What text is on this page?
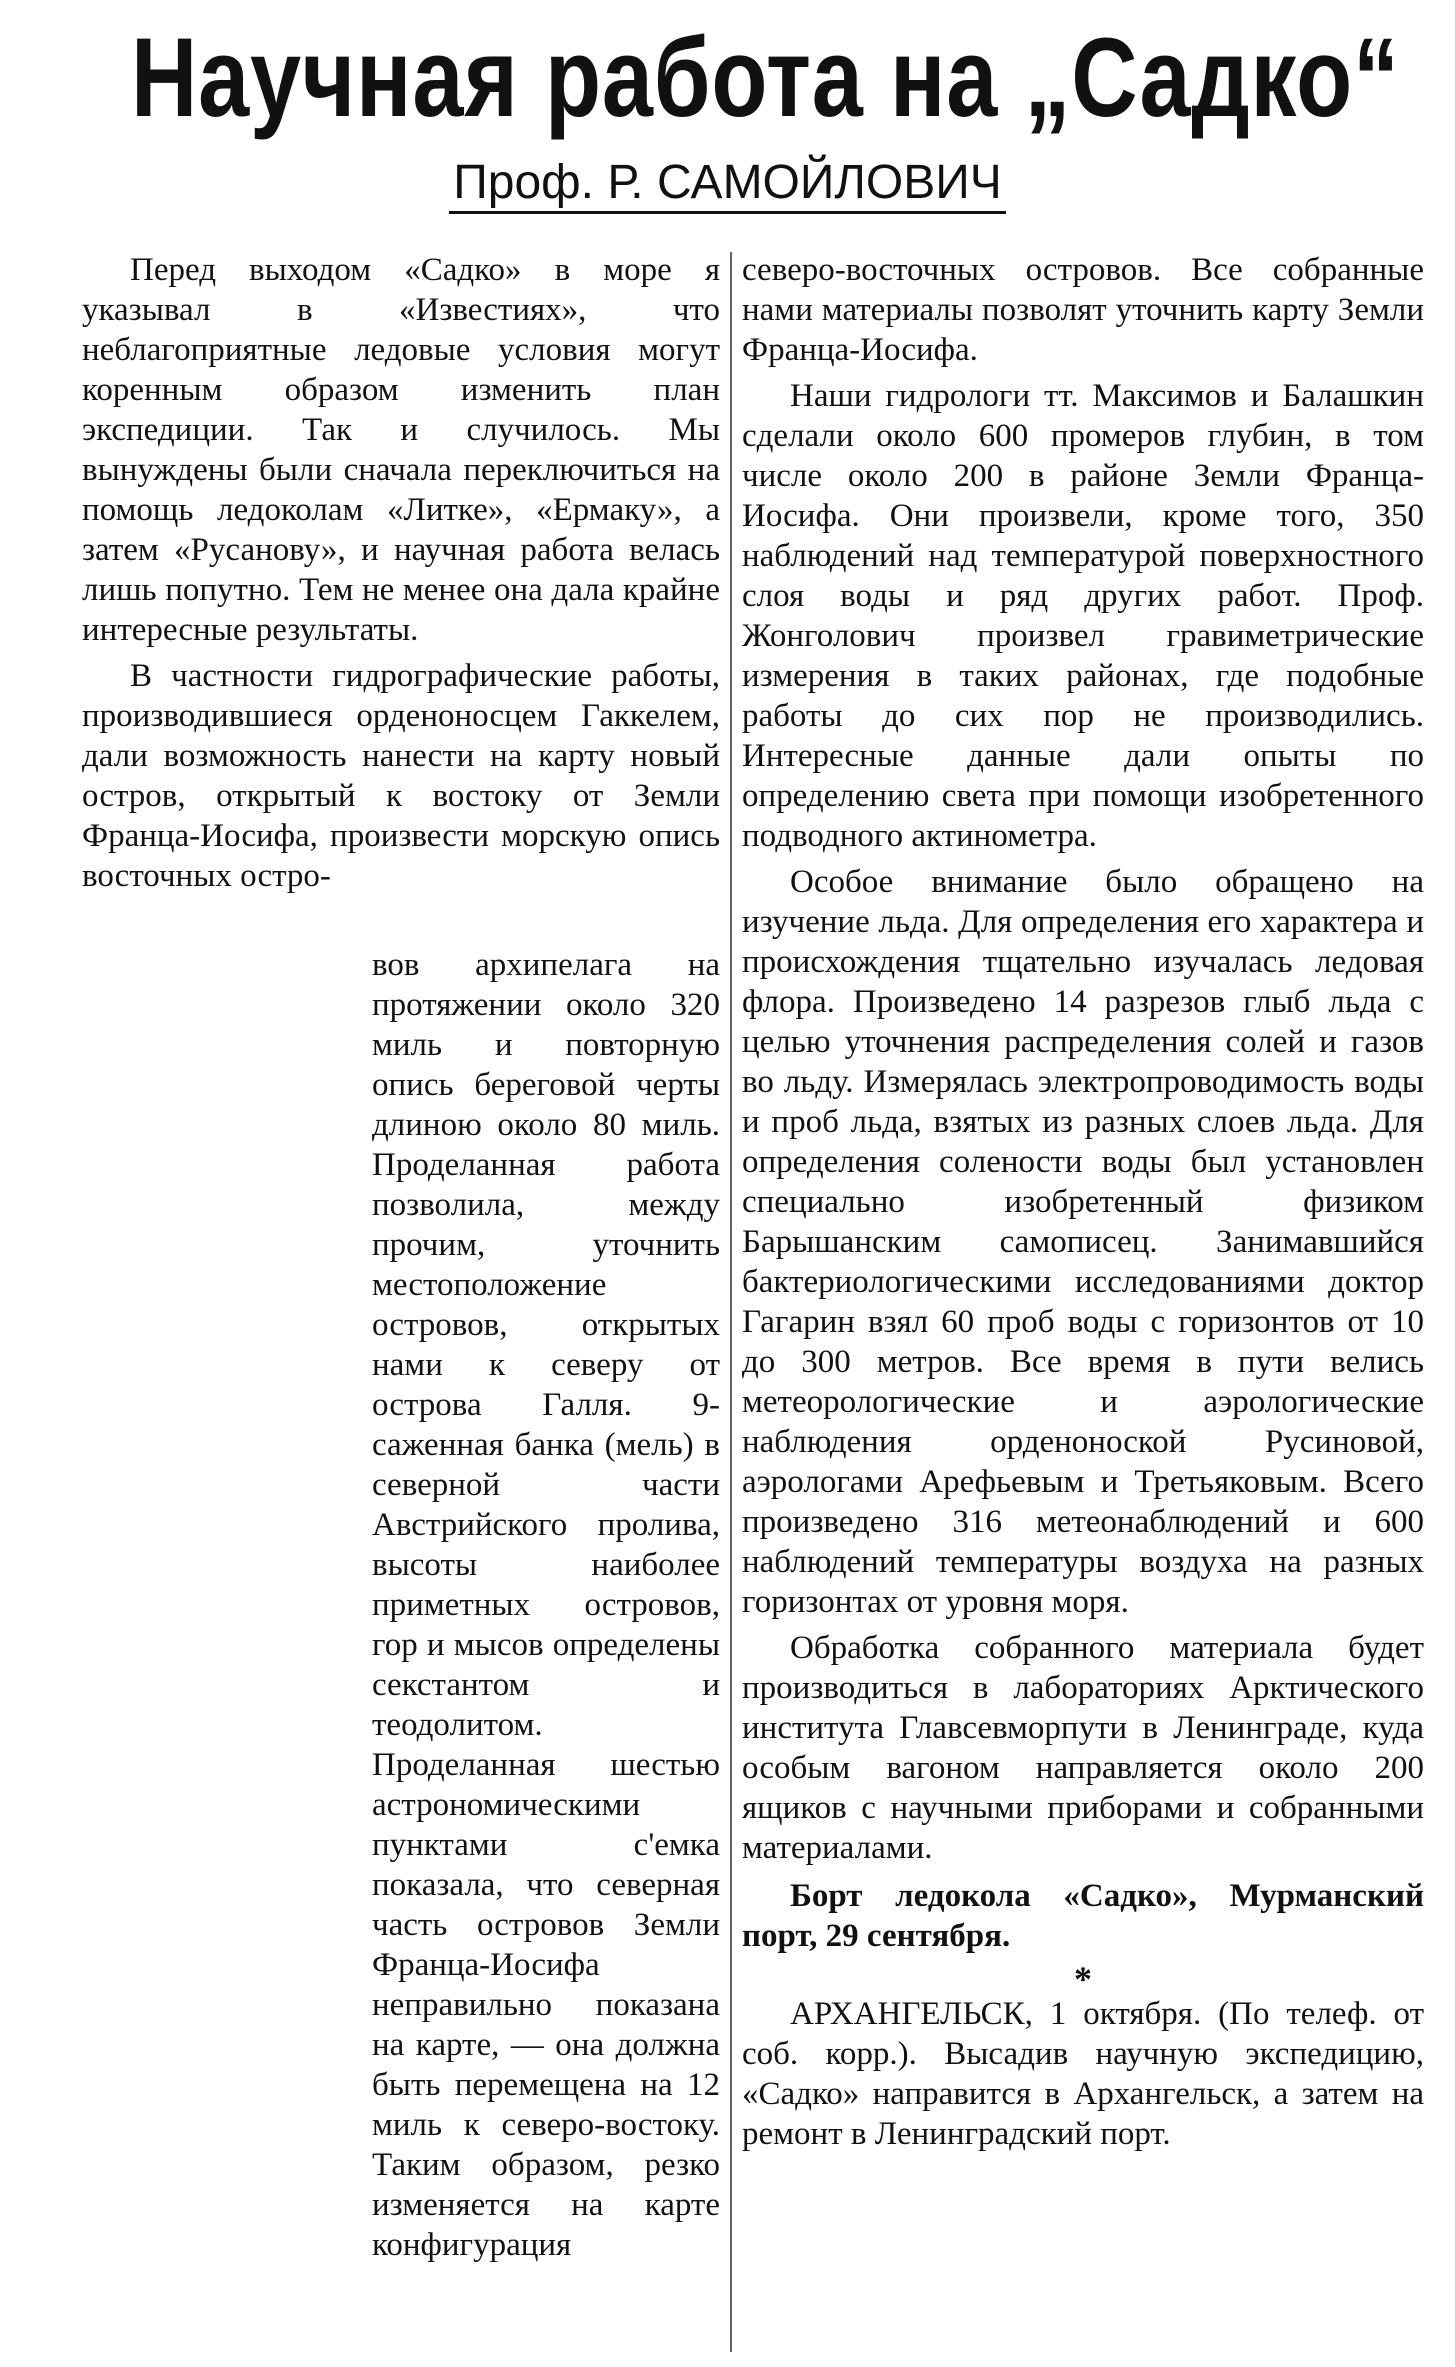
Научная работа на „Садко“
Проф. Р. САМОЙЛОВИЧ

Перед выходом «Садко» в море я указывал в «Известиях», что неблагоприятные ледовые условия могут коренным образом изменить план экспедиции. Так и случилось. Мы вынуждены были сначала переключиться на помощь ледоколам «Литке», «Ермаку», а затем «Русанову», и научная работа велась лишь попутно. Тем не менее она дала крайне интересные результаты.

В частности гидрографические работы, производившиеся орденоносцем Гаккелем, дали возможность нанести на карту новый остров, открытый к востоку от Земли Франца-Иосифа, произвести морскую опись восточных остро-

вов архипелага на протяжении около 320 миль и повторную опись береговой черты длиною около 80 миль. Проделанная работа позволила, между прочим, уточнить местоположение островов, открытых нами к северу от острова Галля. 9-саженная банка (мель) в северной части Австрийского пролива, высоты наиболее приметных островов, гор и мысов определены секстантом и теодолитом. Проделанная шестью астрономическими пунктами с'емка показала, что северная часть островов Земли Франца-Иосифа неправильно показана на карте, — она должна быть перемещена на 12 миль к северо-востоку. Таким образом, резко изменяется на карте конфигурация

северо-восточных островов. Все собранные нами материалы позволят уточнить карту Земли Франца-Иосифа.

Наши гидрологи тт. Максимов и Балашкин сделали около 600 промеров глубин, в том числе около 200 в районе Земли Франца-Иосифа. Они произвели, кроме того, 350 наблюдений над температурой поверхностного слоя воды и ряд других работ. Проф. Жонголович произвел гравиметрические измерения в таких районах, где подобные работы до сих пор не производились. Интересные данные дали опыты по определению света при помощи изобретенного подводного актинометра.

Особое внимание было обращено на изучение льда. Для определения его характера и происхождения тщательно изучалась ледовая флора. Произведено 14 разрезов глыб льда с целью уточнения распределения солей и газов во льду. Измерялась электропроводимость воды и проб льда, взятых из разных слоев льда. Для определения солености воды был установлен специально изобретенный физиком Барышанским самописец. Занимавшийся бактериологическими исследованиями доктор Гагарин взял 60 проб воды с горизонтов от 10 до 300 метров. Все время в пути велись метеорологические и аэрологические наблюдения орденоноской Русиновой, аэрологами Арефьевым и Третьяковым. Всего произведено 316 метеонаблюдений и 600 наблюдений температуры воздуха на разных горизонтах от уровня моря.

Обработка собранного материала будет производиться в лабораториях Арктического института Главсевморпути в Ленинграде, куда особым вагоном направляется около 200 ящиков с научными приборами и собранными материалами.

Борт ледокола «Садко», Мурманский порт, 29 сентября.

*

АРХАНГЕЛЬСК, 1 октября. (По телеф. от соб. корр.). Высадив научную экспедицию, «Садко» направится в Архангельск, а затем на ремонт в Ленинградский порт.
